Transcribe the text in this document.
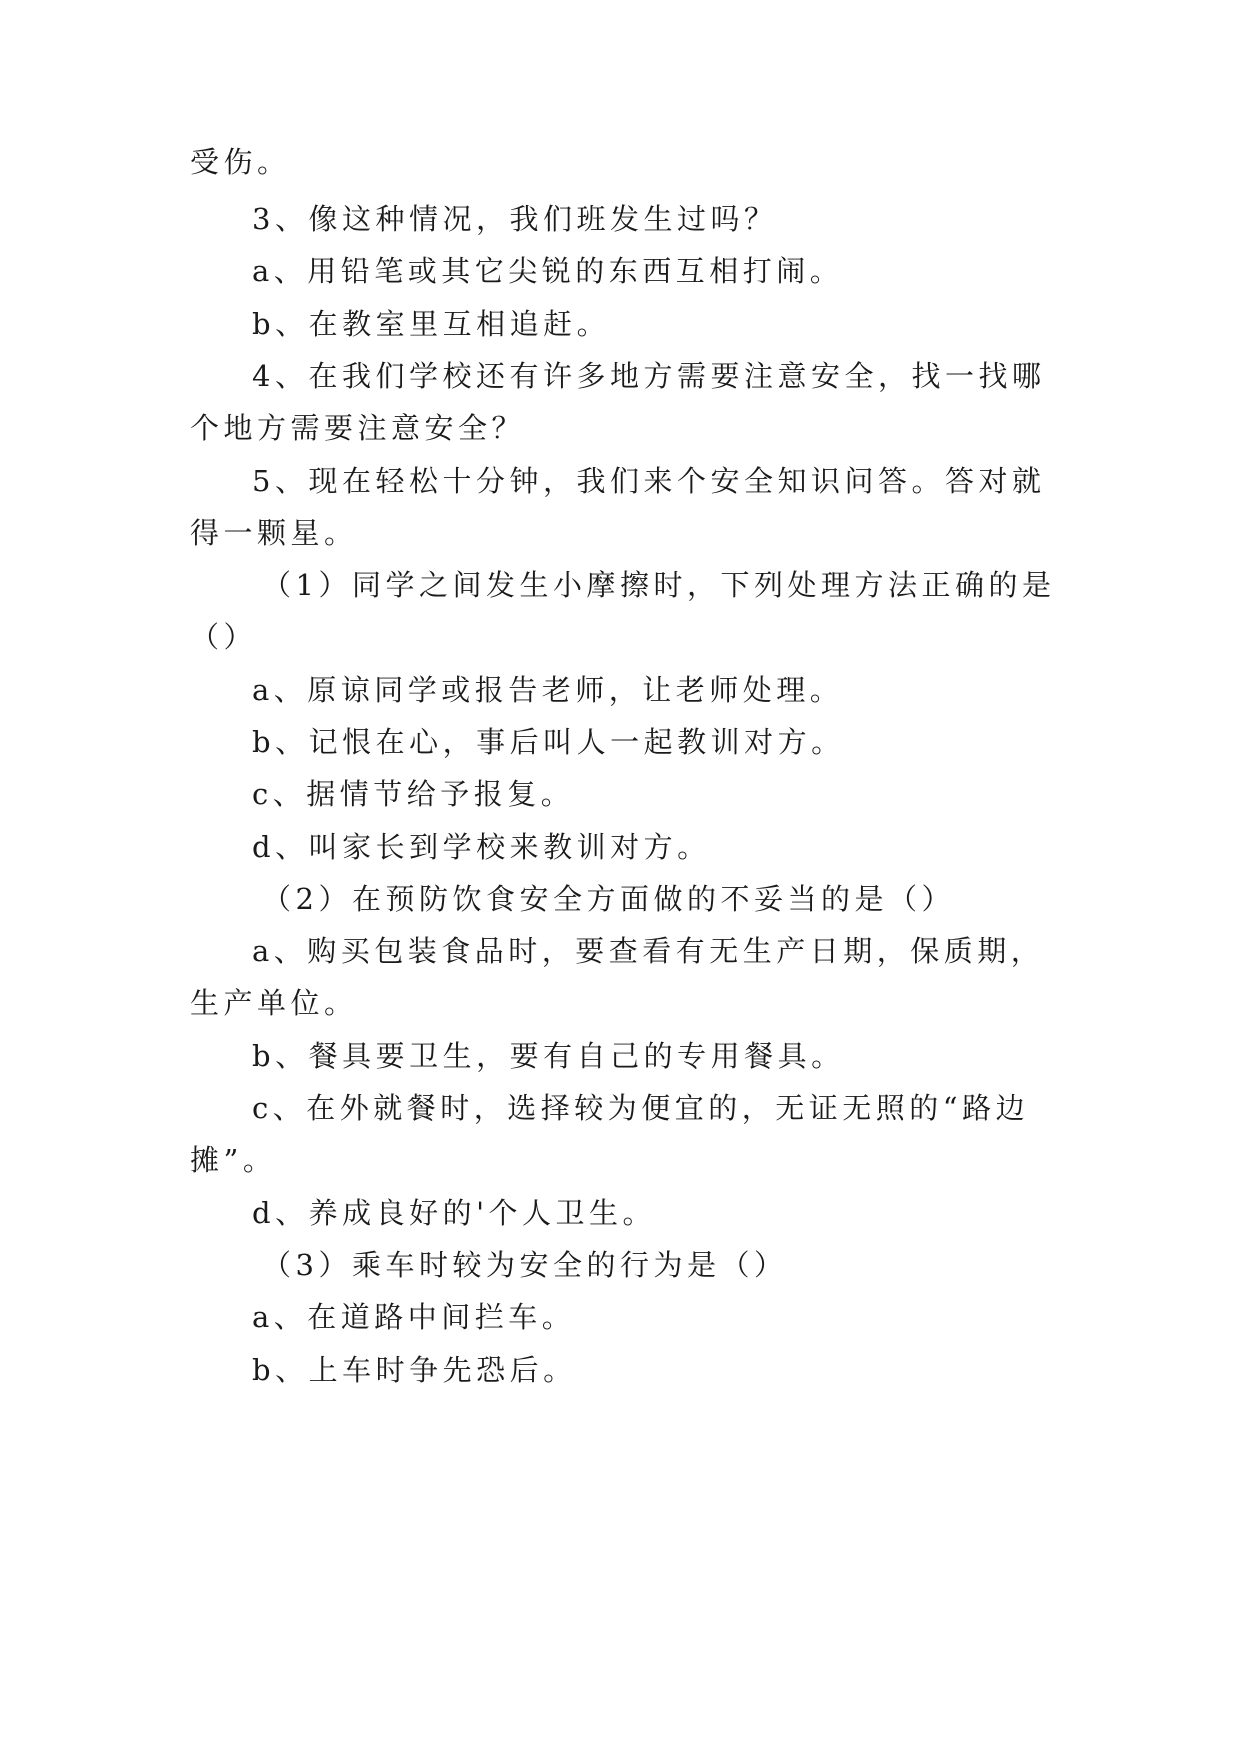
受伤。

3、像这种情况，我们班发生过吗？

a、用铅笔或其它尖锐的东西互相打闹。

b、在教室里互相追赶。

4、在我们学校还有许多地方需要注意安全，找一找哪

个地方需要注意安全？

5、现在轻松十分钟，我们来个安全知识问答。答对就

得一颗星。

（1）同学之间发生小摩擦时，下列处理方法正确的是

（）

a、原谅同学或报告老师，让老师处理。

b、记恨在心，事后叫人一起教训对方。

c、据情节给予报复。

d、叫家长到学校来教训对方。

（2）在预防饮食安全方面做的不妥当的是（）

a、购买包装食品时，要查看有无生产日期，保质期，

生产单位。

b、餐具要卫生，要有自己的专用餐具。

c、在外就餐时，选择较为便宜的，无证无照的“路边

摊”。

d、养成良好的'个人卫生。

（3）乘车时较为安全的行为是（）

a、在道路中间拦车。

b、上车时争先恐后。
